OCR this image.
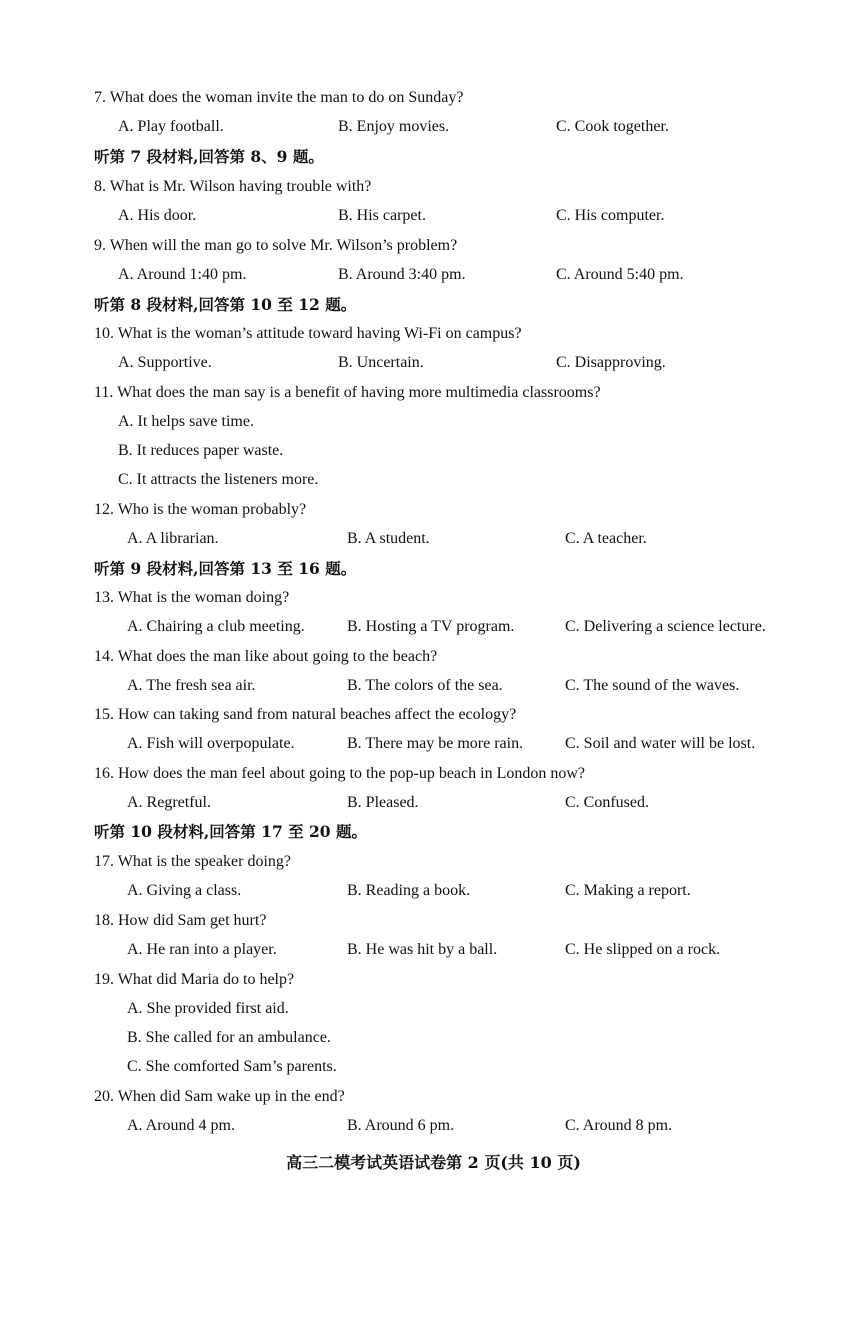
高三二模考试英语试卷第 2 页(共 10 页)
7. What does the woman invite the man to do on Sunday?
A. Play football.	B. Enjoy movies.	C. Cook together.
听第 7 段材料,回答第 8、9 题。
8. What is Mr. Wilson having trouble with?
A. His door.	B. His carpet.	C. His computer.
9. When will the man go to solve Mr. Wilson’s problem?
A. Around 1:40 pm.	B. Around 3:40 pm.	C. Around 5:40 pm.
听第 8 段材料,回答第 10 至 12 题。
10. What is the woman’s attitude toward having Wi-Fi on campus?
A. Supportive.	B. Uncertain.	C. Disapproving.
11. What does the man say is a benefit of having more multimedia classrooms?
A. It helps save time.
B. It reduces paper waste.
C. It attracts the listeners more.
12. Who is the woman probably?
A. A librarian.	B. A student.	C. A teacher.
听第 9 段材料,回答第 13 至 16 题。
13. What is the woman doing?
A. Chairing a club meeting.	B. Hosting a TV program.	C. Delivering a science lecture.
14. What does the man like about going to the beach?
A. The fresh sea air.	B. The colors of the sea.	C. The sound of the waves.
15. How can taking sand from natural beaches affect the ecology?
A. Fish will overpopulate.	B. There may be more rain.	C. Soil and water will be lost.
16. How does the man feel about going to the pop-up beach in London now?
A. Regretful.	B. Pleased.	C. Confused.
听第 10 段材料,回答第 17 至 20 题。
17. What is the speaker doing?
A. Giving a class.	B. Reading a book.	C. Making a report.
18. How did Sam get hurt?
A. He ran into a player.	B. He was hit by a ball.	C. He slipped on a rock.
19. What did Maria do to help?
A. She provided first aid.
B. She called for an ambulance.
C. She comforted Sam’s parents.
20. When did Sam wake up in the end?
A. Around 4 pm.	B. Around 6 pm.	C. Around 8 pm.
